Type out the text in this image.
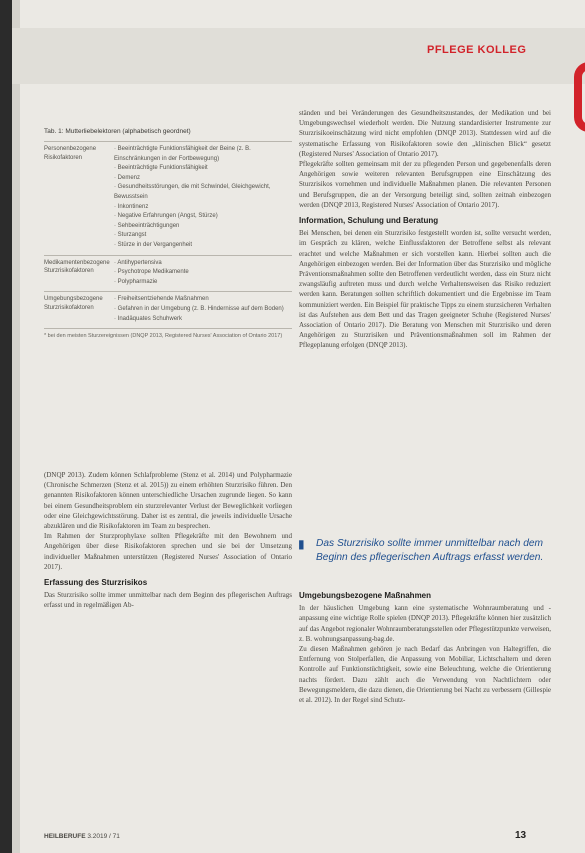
PFLEGE KOLLEG
Tab. 1: Mutterliebelektoren (alphabetisch geordnet)
Personenbezogene Risikofaktoren
· Beeinträchtigte Funktionsfähigkeit der Beine (z. B. Einschränkungen in der Fortbewegung)
· Beeinträchtigte Funktionsfähigkeit
· Demenz
· Gesundheitsstörungen, die mit Schwindel, Gleichgewicht, Bewusstsein
· Inkontinenz
· Negative Erfahrungen (Angst, Stürze)
· Sehbeeinträchtigungen
· Sturzangst
· Stürze in der Vergangenheit
Medikamentenbezogene Sturzrisikofaktoren
· Antihypertensiva
· Psychotrope Medikamente
· Polypharmazie
Umgebungsbezogene Sturzrisikofaktoren
· Freiheitsentziehende Maßnahmen
· Gefahren in der Umgebung (z. B. Hindernisse auf dem Boden)
· Inadäquates Schuhwerk
* bei den meisten Sturzereignissen (DNQP 2013, Registered Nurses' Association of Ontario 2017)

(DNQP 2013). Zudem können Schlafprobleme (Stenz et al. 2014) und Polypharmazie (Chronische Schmerzen (Stenz et al. 2015)) zu einem erhöhten Sturzrisiko führen. Den genannten Risikofaktoren können unterschiedliche Ursachen zugrunde liegen. So kann bei einem Gesundheitsproblem ein sturzrelevanter Verlust der Beweglichkeit vorliegen oder eine Gleichgewichtsstörung. Daher ist es zentral, die jeweils individuelle Ursache abzuklären und die Risikofaktoren im Team zu besprechen.

Im Rahmen der Sturzprophylaxe sollten Pflegekräfte mit den Bewohnern und Angehörigen über diese Risikofaktoren sprechen und sie bei der Umsetzung individueller Maßnahmen unterstützen (Registered Nurses' Association of Ontario 2017).

Erfassung des Sturzrisikos

Das Sturzrisiko sollte immer unmittelbar nach dem Beginn des pflegerischen Auftrags erfasst und in regelmäßigen Ab-

ständen und bei Veränderungen des Gesundheitszustandes, der Medikation und bei Umgebungswechsel wiederholt werden. Die Nutzung standardisierter Instrumente zur Sturzrisikoeinschätzung wird nicht empfohlen (DNQP 2013). Stattdessen wird auf die systematische Erfassung von Risikofaktoren sowie den „klinischen Blick“ gesetzt (Registered Nurses' Association of Ontario 2017).

Pflegekräfte sollten gemeinsam mit der zu pflegenden Person und gegebenenfalls deren Angehörigen sowie weiteren relevanten Berufsgruppen eine Einschätzung des Sturzrisikos vornehmen und individuelle Maßnahmen planen. Die relevanten Personen und Berufsgruppen, die an der Versorgung beteiligt sind, sollten zeitnah einbezogen werden (DNQP 2013, Registered Nurses' Association of Ontario 2017).

Information, Schulung und Beratung

Bei Menschen, bei denen ein Sturzrisiko festgestellt worden ist, sollte versucht werden, im Gespräch zu klären, welche Einflussfaktoren der Betroffene selbst als relevant erachtet und welche Maßnahmen er sich vorstellen kann. Hierbei sollten auch die Angehörigen einbezogen werden. Bei der Information über das Sturzrisiko und mögliche Präventionsmaßnahmen sollte den Betroffenen verdeutlicht werden, dass ein Sturz nicht zwangsläufig auftreten muss und durch welche Verhaltensweisen das Risiko reduziert werden kann. Beratungen sollten schriftlich dokumentiert und die Ergebnisse im Team kommuniziert werden. Ein Beispiel für praktische Tipps zu einem sturzsicheren Verhalten ist das Aufstehen aus dem Bett und das Tragen geeigneter Schuhe (Registered Nurses' Association of Ontario 2017). Die Beratung von Menschen mit Sturzrisiko und deren Angehörigen zu Sturzrisiken und Präventionsmaßnahmen soll im Rahmen der Pflegeplanung erfolgen (DNQP 2013).

▮	Das Sturzrisiko sollte immer unmittelbar nach dem Beginn des pflegerischen Auftrags erfasst werden.
Umgebungsbezogene Maßnahmen

In der häuslichen Umgebung kann eine systematische Wohnraumberatung und -anpassung eine wichtige Rolle spielen (DNQP 2013). Pflegekräfte können hier zusätzlich auf das Angebot regionaler Wohnraumberatungsstellen oder Pflegestützpunkte verweisen, z. B. wohnungsanpassung-bag.de.

Zu diesen Maßnahmen gehören je nach Bedarf das Anbringen von Haltegriffen, die Entfernung von Stolperfallen, die Anpassung von Mobiliar, Lichtschaltern und deren Kontrolle auf Funktionstüchtigkeit, sowie eine Beleuchtung, welche die Orientierung nachts fördert. Dazu zählt auch die Verwendung von Nachtlichtern oder Bewegungsmeldern, die dazu dienen, die Orientierung bei Nacht zu verbessern (Gillespie et al. 2012). In der Regel sind Schutz-

HEILBERUFE 3.2019 / 71	13
